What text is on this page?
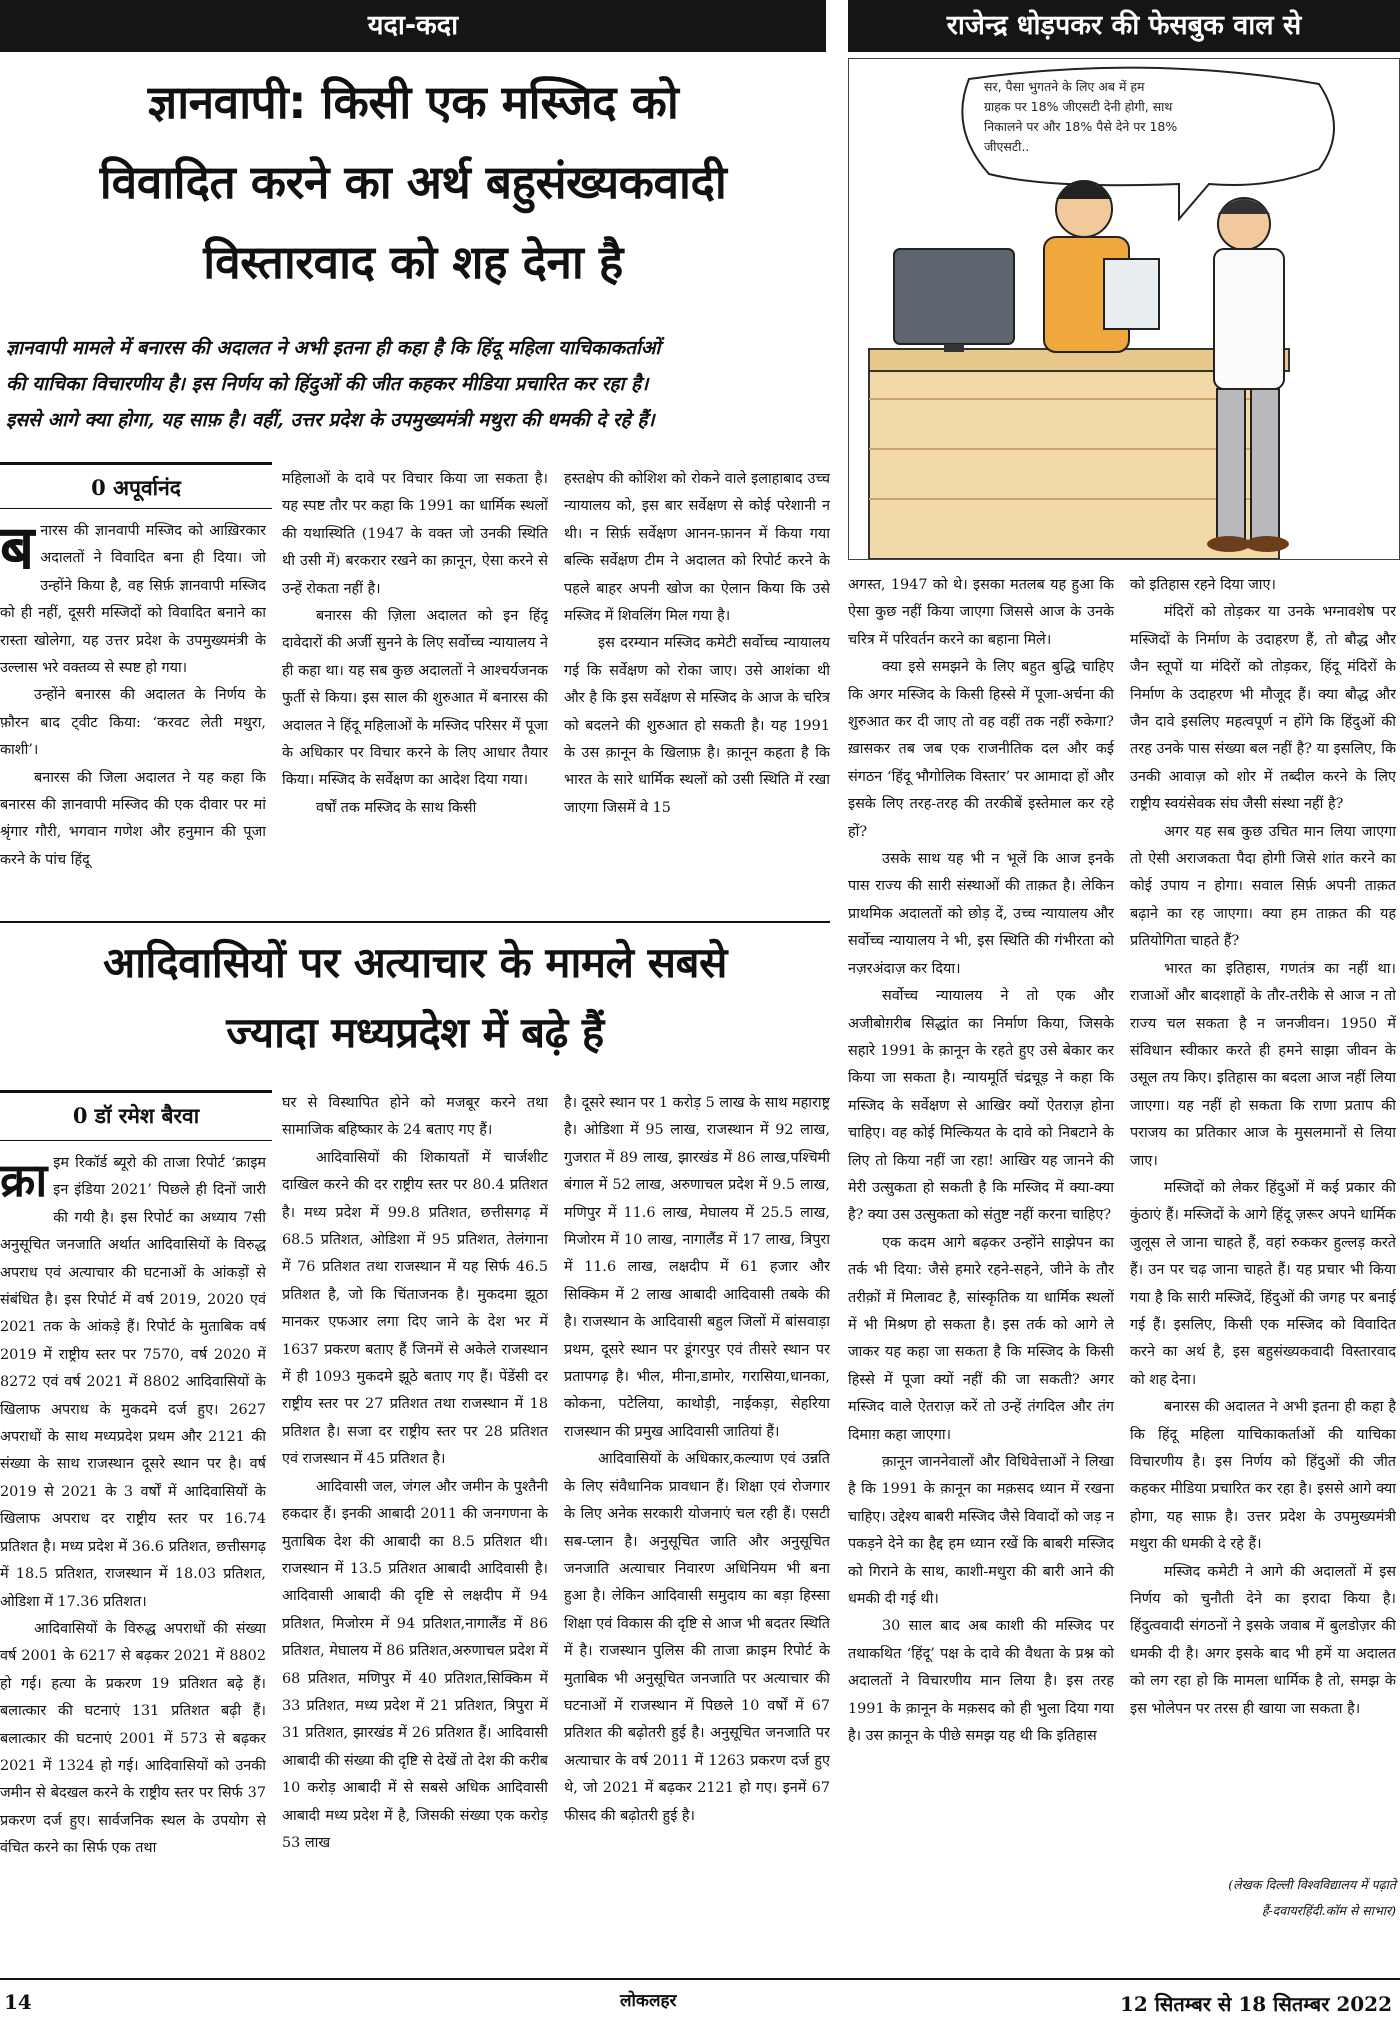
यदा-कदा	राजेन्द्र धोड़पकर की फेसबुक वाल से
ज्ञानवापी: किसी एक मस्जिद को
विवादित करने का अर्थ बहुसंख्यकवादी
विस्तारवाद को शह देना है
ज्ञानवापी मामले में बनारस की अदालत ने अभी इतना ही कहा है कि हिंदू महिला याचिकाकर्ताओं
की याचिका विचारणीय है। इस निर्णय को हिंदुओं की जीत कहकर मीडिया प्रचारित कर रहा है।
इससे आगे क्या होगा, यह साफ़ है। वहीं, उत्तर प्रदेश के उपमुख्यमंत्री मथुरा की धमकी दे रहे हैं।
सर, पैसा भुगतने के लिए अब में हम
ग्राहक पर 18% जीएसटी देनी होगी, साथ
निकालने पर और 18% पैसे देने पर 18%
जीएसटी..
0 अपूर्वानंद
ब नारस की ज्ञानवापी मस्जिद को आख़िरकार अदालतों ने विवादित बना ही दिया। जो उन्होंने किया है, वह सिर्फ़ ज्ञानवापी मस्जिद को ही नहीं, दूसरी मस्जिदों को विवादित बनाने का रास्ता खोलेगा, यह उत्तर प्रदेश के उपमुख्यमंत्री के उल्लास भरे वक्तव्य से स्पष्ट हो गया।

उन्होंने बनारस की अदालत के निर्णय के फ़ौरन बाद ट्वीट किया: ‘करवट लेती मथुरा, काशी’।

बनारस की जिला अदालत ने यह कहा कि बनारस की ज्ञानवापी मस्जिद की एक दीवार पर मां श्रृंगार गौरी, भगवान गणेश और हनुमान की पूजा करने के पांच हिंदू

महिलाओं के दावे पर विचार किया जा सकता है। यह स्पष्ट तौर पर कहा कि 1991 का धार्मिक स्थलों की यथास्थिति (1947 के वक्त जो उनकी स्थिति थी उसी में) बरकरार रखने का क़ानून, ऐसा करने से उन्हें रोकता नहीं है।

बनारस की ज़िला अदालत को इन हिंदू दावेदारों की अर्जी सुनने के लिए सर्वोच्च न्यायालय ने ही कहा था। यह सब कुछ अदालतों ने आश्चर्यजनक फुर्ती से किया। इस साल की शुरुआत में बनारस की अदालत ने हिंदू महिलाओं के मस्जिद परिसर में पूजा के अधिकार पर विचार करने के लिए आधार तैयार किया। मस्जिद के सर्वेक्षण का आदेश दिया गया।

वर्षों तक मस्जिद के साथ किसी

हस्तक्षेप की कोशिश को रोकने वाले इलाहाबाद उच्च न्यायालय को, इस बार सर्वेक्षण से कोई परेशानी न थी। न सिर्फ़ सर्वेक्षण आनन-फ़ानन में किया गया बल्कि सर्वेक्षण टीम ने अदालत को रिपोर्ट करने के पहले बाहर अपनी खोज का ऐलान किया कि उसे मस्जिद में शिवलिंग मिल गया है।

इस दरम्यान मस्जिद कमेटी सर्वोच्च न्यायालय गई कि सर्वेक्षण को रोका जाए। उसे आशंका थी और है कि इस सर्वेक्षण से मस्जिद के आज के चरित्र को बदलने की शुरुआत हो सकती है। यह 1991 के उस क़ानून के खिलाफ़ है। क़ानून कहता है कि भारत के सारे धार्मिक स्थलों को उसी स्थिति में रखा जाएगा जिसमें वे 15

अगस्त, 1947 को थे। इसका मतलब यह हुआ कि ऐसा कुछ नहीं किया जाएगा जिससे आज के उनके चरित्र में परिवर्तन करने का बहाना मिले।

क्या इसे समझने के लिए बहुत बुद्धि चाहिए कि अगर मस्जिद के किसी हिस्से में पूजा-अर्चना की शुरुआत कर दी जाए तो वह वहीं तक नहीं रुकेगा? ख़ासकर तब जब एक राजनीतिक दल और कई संगठन ‘हिंदू भौगोलिक विस्तार’ पर आमादा हों और इसके लिए तरह-तरह की तरकीबें इस्तेमाल कर रहे हों?

उसके साथ यह भी न भूलें कि आज इनके पास राज्य की सारी संस्थाओं की ताक़त है। लेकिन प्राथमिक अदालतों को छोड़ दें, उच्च न्यायालय और सर्वोच्च न्यायालय ने भी, इस स्थिति की गंभीरता को नज़रअंदाज़ कर दिया।

सर्वोच्च न्यायालय ने तो एक और अजीबोग़रीब सिद्धांत का निर्माण किया, जिसके सहारे 1991 के क़ानून के रहते हुए उसे बेकार कर किया जा सकता है। न्यायमूर्ति चंद्रचूड़ ने कहा कि मस्जिद के सर्वेक्षण से आखिर क्यों ऐतराज़ होना चाहिए। वह कोई मिल्कियत के दावे को निबटाने के लिए तो किया नहीं जा रहा! आखिर यह जानने की मेरी उत्सुकता हो सकती है कि मस्जिद में क्या-क्या है? क्या उस उत्सुकता को संतुष्ट नहीं करना चाहिए?

एक कदम आगे बढ़कर उन्होंने साझेपन का तर्क भी दिया: जैसे हमारे रहने-सहने, जीने के तौर तरीक़ों में मिलावट है, सांस्कृतिक या धार्मिक स्थलों में भी मिश्रण हो सकता है। इस तर्क को आगे ले जाकर यह कहा जा सकता है कि मस्जिद के किसी हिस्से में पूजा क्यों नहीं की जा सकती? अगर मस्जिद वाले ऐतराज़ करें तो उन्हें तंगदिल और तंग दिमाग़ कहा जाएगा।

क़ानून जाननेवालों और विधिवेत्ताओं ने लिखा है कि 1991 के क़ानून का मक़सद ध्यान में रखना चाहिए। उद्देश्य बाबरी मस्जिद जैसे विवादों को जड़ न पकड़ने देने का हैद्द हम ध्यान रखें कि बाबरी मस्जिद को गिराने के साथ, काशी-मथुरा की बारी आने की धमकी दी गई थी।

30 साल बाद अब काशी की मस्जिद पर तथाकथित ‘हिंदू’ पक्ष के दावे की वैधता के प्रश्न को अदालतों ने विचारणीय मान लिया है। इस तरह 1991 के क़ानून के मक़सद को ही भुला दिया गया है। उस क़ानून के पीछे समझ यह थी कि इतिहास

को इतिहास रहने दिया जाए।

मंदिरों को तोड़कर या उनके भग्नावशेष पर मस्जिदों के निर्माण के उदाहरण हैं, तो बौद्ध और जैन स्तूपों या मंदिरों को तोड़कर, हिंदू मंदिरों के निर्माण के उदाहरण भी मौजूद हैं। क्या बौद्ध और जैन दावे इसलिए महत्वपूर्ण न होंगे कि हिंदुओं की तरह उनके पास संख्या बल नहीं है? या इसलिए, कि उनकी आवाज़ को शोर में तब्दील करने के लिए राष्ट्रीय स्वयंसेवक संघ जैसी संस्था नहीं है?

अगर यह सब कुछ उचित मान लिया जाएगा तो ऐसी अराजकता पैदा होगी जिसे शांत करने का कोई उपाय न होगा। सवाल सिर्फ़ अपनी ताक़त बढ़ाने का रह जाएगा। क्या हम ताक़त की यह प्रतियोगिता चाहते हैं?

भारत का इतिहास, गणतंत्र का नहीं था। राजाओं और बादशाहों के तौर-तरीके से आज न तो राज्य चल सकता है न जनजीवन। 1950 में संविधान स्वीकार करते ही हमने साझा जीवन के उसूल तय किए। इतिहास का बदला आज नहीं लिया जाएगा। यह नहीं हो सकता कि राणा प्रताप की पराजय का प्रतिकार आज के मुसलमानों से लिया जाए।

मस्जिदों को लेकर हिंदुओं में कई प्रकार की कुंठाएं हैं। मस्जिदों के आगे हिंदू ज़रूर अपने धार्मिक जुलूस ले जाना चाहते हैं, वहां रुककर हुल्लड़ करते हैं। उन पर चढ़ जाना चाहते हैं। यह प्रचार भी किया गया है कि सारी मस्जिदें, हिंदुओं की जगह पर बनाई गई हैं। इसलिए, किसी एक मस्जिद को विवादित करने का अर्थ है, इस बहुसंख्यकवादी विस्तारवाद को शह देना।

बनारस की अदालत ने अभी इतना ही कहा है कि हिंदू महिला याचिकाकर्ताओं की याचिका विचारणीय है। इस निर्णय को हिंदुओं की जीत कहकर मीडिया प्रचारित कर रहा है। इससे आगे क्या होगा, यह साफ़ है। उत्तर प्रदेश के उपमुख्यमंत्री मथुरा की धमकी दे रहे हैं।

मस्जिद कमेटी ने आगे की अदालतों में इस निर्णय को चुनौती देने का इरादा किया है। हिंदुत्ववादी संगठनों ने इसके जवाब में बुलडोज़र की धमकी दी है। अगर इसके बाद भी हमें या अदालत को लग रहा हो कि मामला धार्मिक है तो, समझ के इस भोलेपन पर तरस ही खाया जा सकता है।

(लेखक दिल्ली विश्वविद्यालय में पढ़ाते
हैं-दवायरहिंदी.कॉम से साभार)
आदिवासियों पर अत्याचार के मामले सबसे
ज्यादा मध्यप्रदेश में बढ़े हैं
0 डॉ रमेश बैरवा
क्रा इम रिकॉर्ड ब्यूरो की ताजा रिपोर्ट ‘क्राइम इन इंडिया 2021’ पिछले ही दिनों जारी की गयी है। इस रिपोर्ट का अध्याय 7सी अनुसूचित जनजाति अर्थात आदिवासियों के विरुद्ध अपराध एवं अत्याचार की घटनाओं के आंकड़ों से संबंधित है। इस रिपोर्ट में वर्ष 2019, 2020 एवं 2021 तक के आंकड़े हैं। रिपोर्ट के मुताबिक वर्ष 2019 में राष्ट्रीय स्तर पर 7570, वर्ष 2020 में 8272 एवं वर्ष 2021 में 8802 आदिवासियों के खिलाफ अपराध के मुकदमे दर्ज हुए। 2627 अपराधों के साथ मध्यप्रदेश प्रथम और 2121 की संख्या के साथ राजस्थान दूसरे स्थान पर है। वर्ष 2019 से 2021 के 3 वर्षों में आदिवासियों के खिलाफ अपराध दर राष्ट्रीय स्तर पर 16.74 प्रतिशत है। मध्य प्रदेश में 36.6 प्रतिशत, छत्तीसगढ़ में 18.5 प्रतिशत, राजस्थान में 18.03 प्रतिशत, ओडिशा में 17.36 प्रतिशत।

आदिवासियों के विरुद्ध अपराधों की संख्या वर्ष 2001 के 6217 से बढ़कर 2021 में 8802 हो गई। हत्या के प्रकरण 19 प्रतिशत बढ़े हैं। बलात्कार की घटनाएं 131 प्रतिशत बढ़ी हैं। बलात्कार की घटनाएं 2001 में 573 से बढ़कर 2021 में 1324 हो गई। आदिवासियों को उनकी जमीन से बेदखल करने के राष्ट्रीय स्तर पर सिर्फ 37 प्रकरण दर्ज हुए। सार्वजनिक स्थल के उपयोग से वंचित करने का सिर्फ एक तथा

घर से विस्थापित होने को मजबूर करने तथा सामाजिक बहिष्कार के 24 बताए गए हैं।

आदिवासियों की शिकायतों में चार्जशीट दाखिल करने की दर राष्ट्रीय स्तर पर 80.4 प्रतिशत है। मध्य प्रदेश में 99.8 प्रतिशत, छत्तीसगढ़ में 68.5 प्रतिशत, ओडिशा में 95 प्रतिशत, तेलंगाना में 76 प्रतिशत तथा राजस्थान में यह सिर्फ 46.5 प्रतिशत है, जो कि चिंताजनक है। मुकदमा झूठा मानकर एफआर लगा दिए जाने के देश भर में 1637 प्रकरण बताए हैं जिनमें से अकेले राजस्थान में ही 1093 मुकदमे झूठे बताए गए हैं। पेंडेंसी दर राष्ट्रीय स्तर पर 27 प्रतिशत तथा राजस्थान में 18 प्रतिशत है। सजा दर राष्ट्रीय स्तर पर 28 प्रतिशत एवं राजस्थान में 45 प्रतिशत है।

आदिवासी जल, जंगल और जमीन के पुश्तैनी हकदार हैं। इनकी आबादी 2011 की जनगणना के मुताबिक देश की आबादी का 8.5 प्रतिशत थी। राजस्थान में 13.5 प्रतिशत आबादी आदिवासी है। आदिवासी आबादी की दृष्टि से लक्षदीप में 94 प्रतिशत, मिजोरम में 94 प्रतिशत,नागालैंड में 86 प्रतिशत, मेघालय में 86 प्रतिशत,अरुणाचल प्रदेश में 68 प्रतिशत, मणिपुर में 40 प्रतिशत,सिक्किम में 33 प्रतिशत, मध्य प्रदेश में 21 प्रतिशत, त्रिपुरा में 31 प्रतिशत, झारखंड में 26 प्रतिशत हैं। आदिवासी आबादी की संख्या की दृष्टि से देखें तो देश की करीब 10 करोड़ आबादी में से सबसे अधिक आदिवासी आबादी मध्य प्रदेश में है, जिसकी संख्या एक करोड़ 53 लाख

है। दूसरे स्थान पर 1 करोड़ 5 लाख के साथ महाराष्ट्र है। ओडिशा में 95 लाख, राजस्थान में 92 लाख, गुजरात में 89 लाख, झारखंड में 86 लाख,पश्चिमी बंगाल में 52 लाख, अरुणाचल प्रदेश में 9.5 लाख, मणिपुर में 11.6 लाख, मेघालय में 25.5 लाख, मिजोरम में 10 लाख, नागालैंड में 17 लाख, त्रिपुरा में 11.6 लाख, लक्षदीप में 61 हजार और सिक्किम में 2 लाख आबादी आदिवासी तबके की है। राजस्थान के आदिवासी बहुल जिलों में बांसवाड़ा प्रथम, दूसरे स्थान पर डूंगरपुर एवं तीसरे स्थान पर प्रतापगढ़ है। भील, मीना,डामोर, गरासिया,धानका, कोकना, पटेलिया, काथोड़ी, नाईकड़ा, सेहरिया राजस्थान की प्रमुख आदिवासी जातियां हैं।

आदिवासियों के अधिकार,कल्याण एवं उन्नति के लिए संवैधानिक प्रावधान हैं। शिक्षा एवं रोजगार के लिए अनेक सरकारी योजनाएं चल रही हैं। एसटी सब-प्लान है। अनुसूचित जाति और अनुसूचित जनजाति अत्याचार निवारण अधिनियम भी बना हुआ है। लेकिन आदिवासी समुदाय का बड़ा हिस्सा शिक्षा एवं विकास की दृष्टि से आज भी बदतर स्थिति में है। राजस्थान पुलिस की ताजा क्राइम रिपोर्ट के मुताबिक भी अनुसूचित जनजाति पर अत्याचार की घटनाओं में राजस्थान में पिछले 10 वर्षों में 67 प्रतिशत की बढ़ोतरी हुई है। अनुसूचित जनजाति पर अत्याचार के वर्ष 2011 में 1263 प्रकरण दर्ज हुए थे, जो 2021 में बढ़कर 2121 हो गए। इनमें 67 फीसद की बढ़ोतरी हुई है।

14	लोकलहर	12 सितम्बर से 18 सितम्बर 2022
